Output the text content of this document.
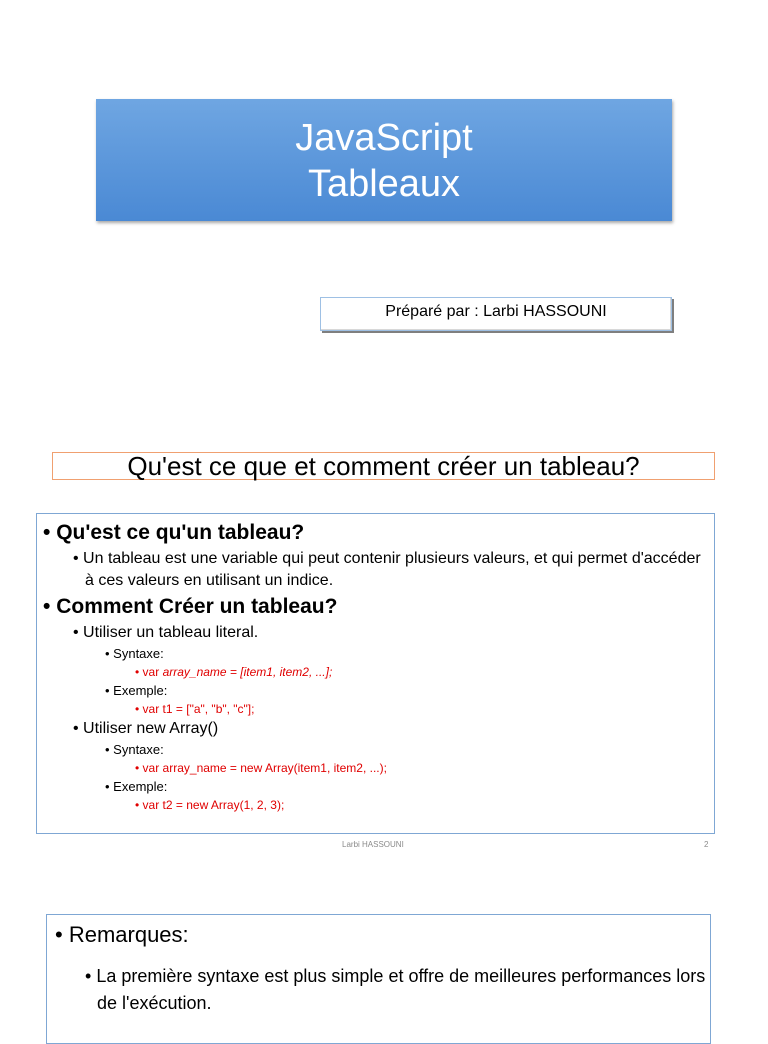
JavaScript
Tableaux
Préparé par : Larbi HASSOUNI
Qu'est ce que et comment créer un tableau?
• Qu'est ce qu'un tableau?
• Un tableau est une variable qui peut contenir plusieurs valeurs, et qui permet d'accéder à ces valeurs en utilisant un indice.
• Comment Créer un tableau?
• Utiliser un tableau literal.
• Syntaxe:
• var array_name = [item1, item2, ...];
• Exemple:
• var t1 = ["a", "b", "c"];
• Utiliser new Array()
• Syntaxe:
• var array_name = new Array(item1, item2, ...);
• Exemple:
• var t2 = new Array(1, 2, 3);
Larbi HASSOUNI	2
• Remarques:
• La première syntaxe est plus simple et offre de meilleures performances lors de l'exécution.
